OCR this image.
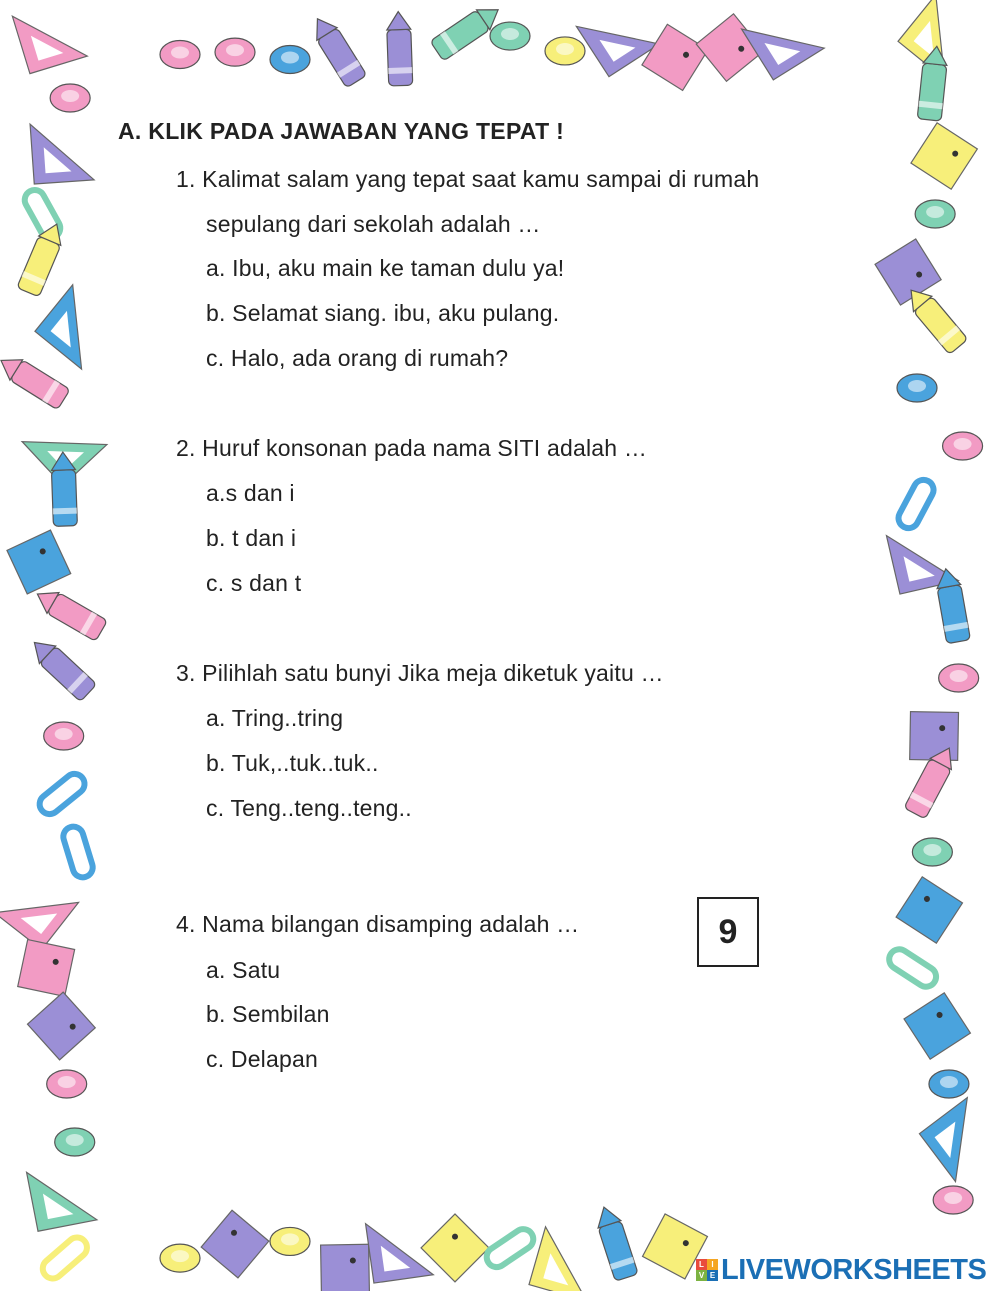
A. KLIK PADA JAWABAN YANG TEPAT !
1. Kalimat salam yang tepat saat kamu sampai di rumah
sepulang dari sekolah adalah …
a. Ibu, aku main ke taman dulu ya!
b. Selamat siang. ibu, aku pulang.
c. Halo, ada orang di rumah?
2. Huruf konsonan pada nama SITI adalah …
a.s dan i
b. t dan i
c. s dan t
3. Pilihlah satu bunyi Jika meja diketuk yaitu …
a. Tring..tring
b. Tuk,..tuk..tuk..
c. Teng..teng..teng..
4. Nama bilangan disamping adalah …	9
a. Satu
b. Sembilan
c. Delapan
L I
V E LIVEWORKSHEETS
